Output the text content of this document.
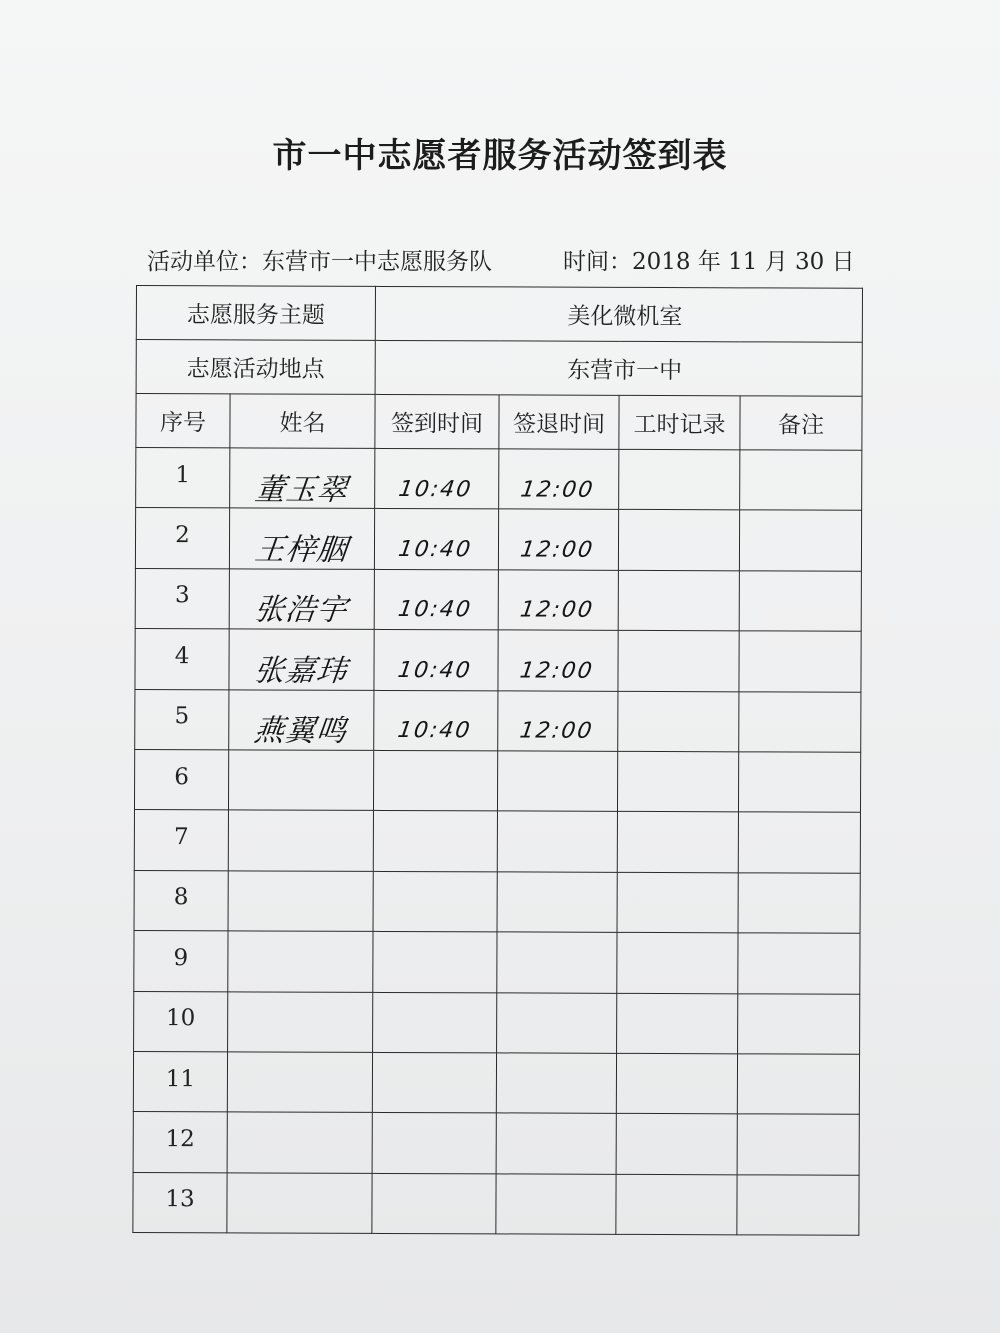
市一中志愿者服务活动签到表
活动单位：东营市一中志愿服务队	时间：2018 年 11 月 30 日
志愿服务主题		美化微机室			
志愿活动地点		东营市一中			
序号	姓名	签到时间	签退时间	工时记录	备注
1	董玉翠	10:40	12:00		
2	王梓胭	10:40	12:00		
3	张浩宇	10:40	12:00		
4	张嘉玮	10:40	12:00		
5	燕翼鸣	10:40	12:00		
6					
7					
8					
9					
10					
11					
12					
13					
